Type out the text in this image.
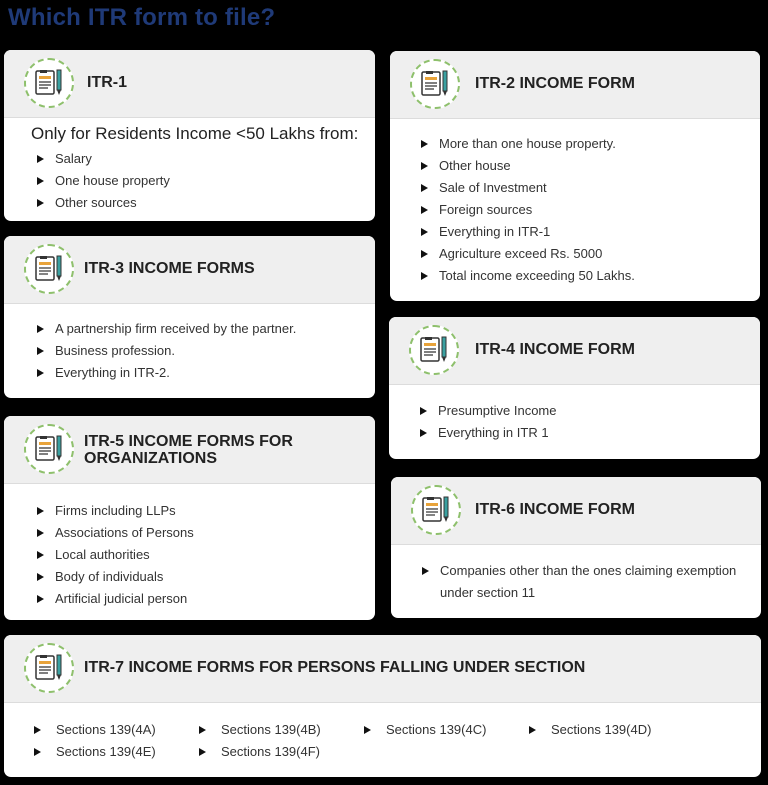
Which ITR form to file?
ITR-1
Only for Residents Income <50 Lakhs from:
Salary
One house property
Other sources
ITR-2 INCOME FORM
More than one house property.
Other house
Sale of Investment
Foreign sources
Everything in ITR-1
Agriculture exceed Rs. 5000
Total income exceeding 50 Lakhs.
ITR-3 INCOME FORMS
A partnership firm received by the partner.
Business profession.
Everything in ITR-2.
ITR-4 INCOME FORM
Presumptive Income
Everything in ITR 1
ITR-5 INCOME FORMS FOR
ORGANIZATIONS
Firms including LLPs
Associations of Persons
Local authorities
Body of individuals
Artificial judicial person
ITR-6 INCOME FORM
Companies other than the ones claiming exemption
under section 11
ITR-7 INCOME FORMS FOR PERSONS FALLING UNDER SECTION
Sections 139(4A)	Sections 139(4B)	Sections 139(4C)	Sections 139(4D)
Sections 139(4E)	Sections 139(4F)
